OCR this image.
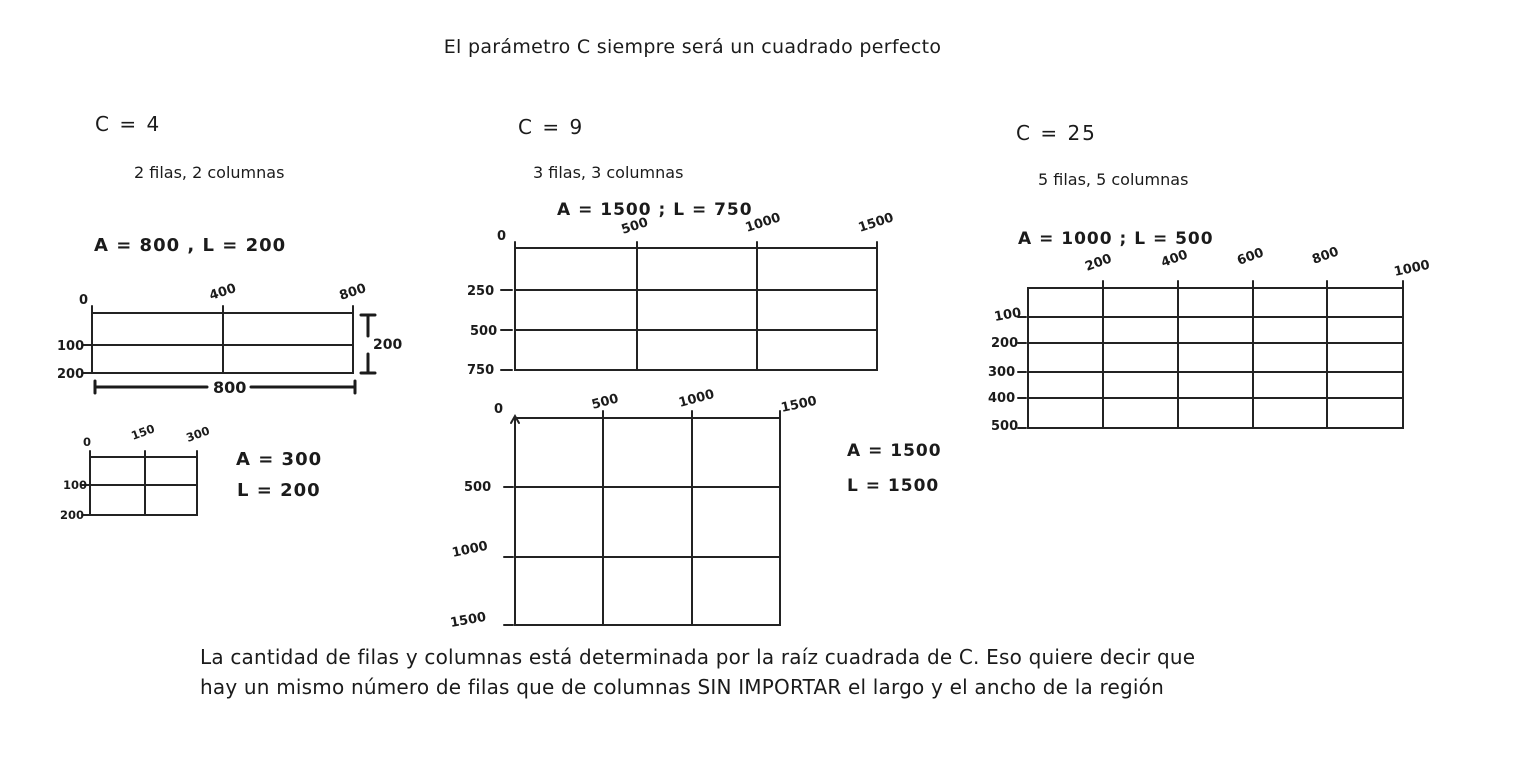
El parámetro C siempre será un cuadrado perfecto
C = 4
2 filas, 2 columnas
A = 800 , L = 200
0	400	800
100
200
800
200
0	150 300
100
200
A = 300
L = 200
C = 9
3 filas, 3 columnas
A = 1500 ; L = 750
0	500	1000	1500
250
500
750
0	500	1000	1500
500
1000
1500
A = 1500
L = 1500
C = 25
5 filas, 5 columnas
A = 1000 ; L = 500
200	400	600	800
1000
100
200
300
400
500
La cantidad de filas y columnas está determinada por la raíz cuadrada de C. Eso quiere decir que
hay un mismo número de filas que de columnas SIN IMPORTAR el largo y el ancho de la región
